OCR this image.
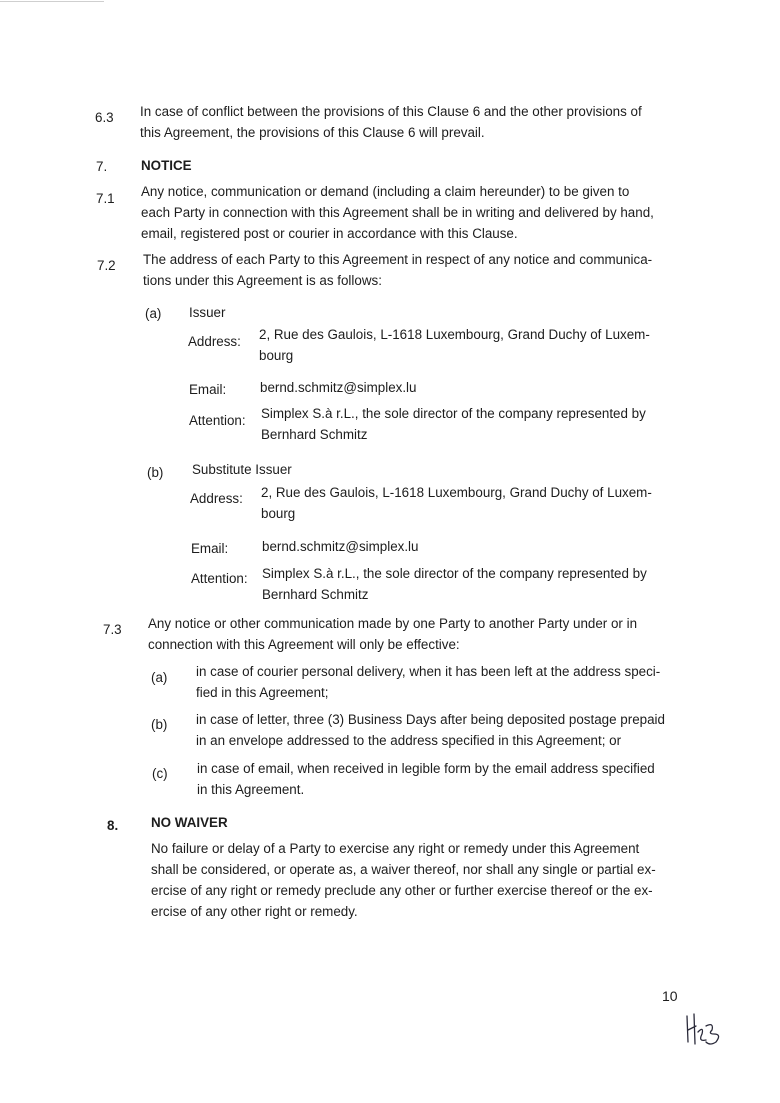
6.3 In case of conflict between the provisions of this Clause 6 and the other provisions of
this Agreement, the provisions of this Clause 6 will prevail.
7.	NOTICE
7.1 Any notice, communication or demand (including a claim hereunder) to be given to
each Party in connection with this Agreement shall be in writing and delivered by hand,
email, registered post or courier in accordance with this Clause.
7.2 The address of each Party to this Agreement in respect of any notice and communica-
tions under this Agreement is as follows:
(a) Issuer
Address: 2, Rue des Gaulois, L-1618 Luxembourg, Grand Duchy of Luxem-
bourg
Email:	bernd.schmitz@simplex.lu
Attention: Simplex S.à r.L., the sole director of the company represented by
Bernhard Schmitz
(b) Substitute Issuer
Address: 2, Rue des Gaulois, L-1618 Luxembourg, Grand Duchy of Luxem-
bourg
Email:	bernd.schmitz@simplex.lu
Attention: Simplex S.à r.L., the sole director of the company represented by
Bernhard Schmitz
7.3 Any notice or other communication made by one Party to another Party under or in
connection with this Agreement will only be effective:
(a) in case of courier personal delivery, when it has been left at the address speci-
fied in this Agreement;
(b) in case of letter, three (3) Business Days after being deposited postage prepaid
in an envelope addressed to the address specified in this Agreement; or
(c) in case of email, when received in legible form by the email address specified
in this Agreement.
8. NO WAIVER
No failure or delay of a Party to exercise any right or remedy under this Agreement
shall be considered, or operate as, a waiver thereof, nor shall any single or partial ex-
ercise of any right or remedy preclude any other or further exercise thereof or the ex-
ercise of any other right or remedy.
10
